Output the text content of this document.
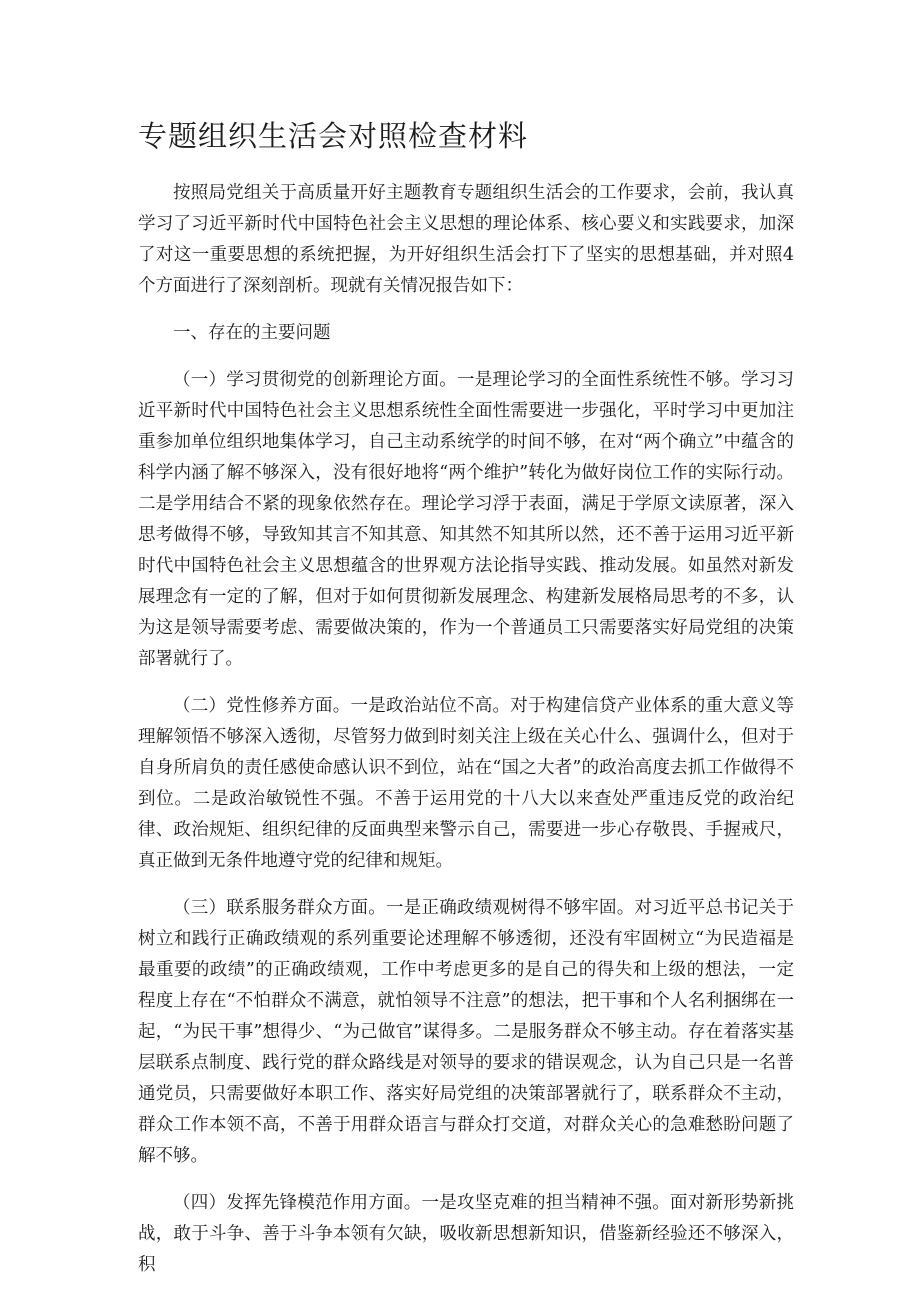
专题组织生活会对照检查材料

按照局党组关于高质量开好主题教育专题组织生活会的工作要求，会前，我认真学习了习近平新时代中国特色社会主义思想的理论体系、核心要义和实践要求，加深了对这一重要思想的系统把握，为开好组织生活会打下了坚实的思想基础，并对照4个方面进行了深刻剖析。现就有关情况报告如下：

一、存在的主要问题

（一）学习贯彻党的创新理论方面。一是理论学习的全面性系统性不够。学习习近平新时代中国特色社会主义思想系统性全面性需要进一步强化，平时学习中更加注重参加单位组织地集体学习，自己主动系统学的时间不够，在对“两个确立”中蕴含的科学内涵了解不够深入，没有很好地将“两个维护”转化为做好岗位工作的实际行动。二是学用结合不紧的现象依然存在。理论学习浮于表面，满足于学原文读原著，深入思考做得不够，导致知其言不知其意、知其然不知其所以然，还不善于运用习近平新时代中国特色社会主义思想蕴含的世界观方法论指导实践、推动发展。如虽然对新发展理念有一定的了解，但对于如何贯彻新发展理念、构建新发展格局思考的不多，认为这是领导需要考虑、需要做决策的，作为一个普通员工只需要落实好局党组的决策部署就行了。

（二）党性修养方面。一是政治站位不高。对于构建信贷产业体系的重大意义等理解领悟不够深入透彻，尽管努力做到时刻关注上级在关心什么、强调什么，但对于自身所肩负的责任感使命感认识不到位，站在“国之大者”的政治高度去抓工作做得不到位。二是政治敏锐性不强。不善于运用党的十八大以来查处严重违反党的政治纪律、政治规矩、组织纪律的反面典型来警示自己，需要进一步心存敬畏、手握戒尺，真正做到无条件地遵守党的纪律和规矩。

（三）联系服务群众方面。一是正确政绩观树得不够牢固。对习近平总书记关于树立和践行正确政绩观的系列重要论述理解不够透彻，还没有牢固树立“为民造福是最重要的政绩”的正确政绩观，工作中考虑更多的是自己的得失和上级的想法，一定程度上存在“不怕群众不满意，就怕领导不注意”的想法，把干事和个人名利捆绑在一起，“为民干事”想得少、“为己做官”谋得多。二是服务群众不够主动。存在着落实基层联系点制度、践行党的群众路线是对领导的要求的错误观念，认为自己只是一名普通党员，只需要做好本职工作、落实好局党组的决策部署就行了，联系群众不主动，群众工作本领不高，不善于用群众语言与群众打交道，对群众关心的急难愁盼问题了解不够。

（四）发挥先锋模范作用方面。一是攻坚克难的担当精神不强。面对新形势新挑战，敢于斗争、善于斗争本领有欠缺，吸收新思想新知识，借鉴新经验还不够深入，积
